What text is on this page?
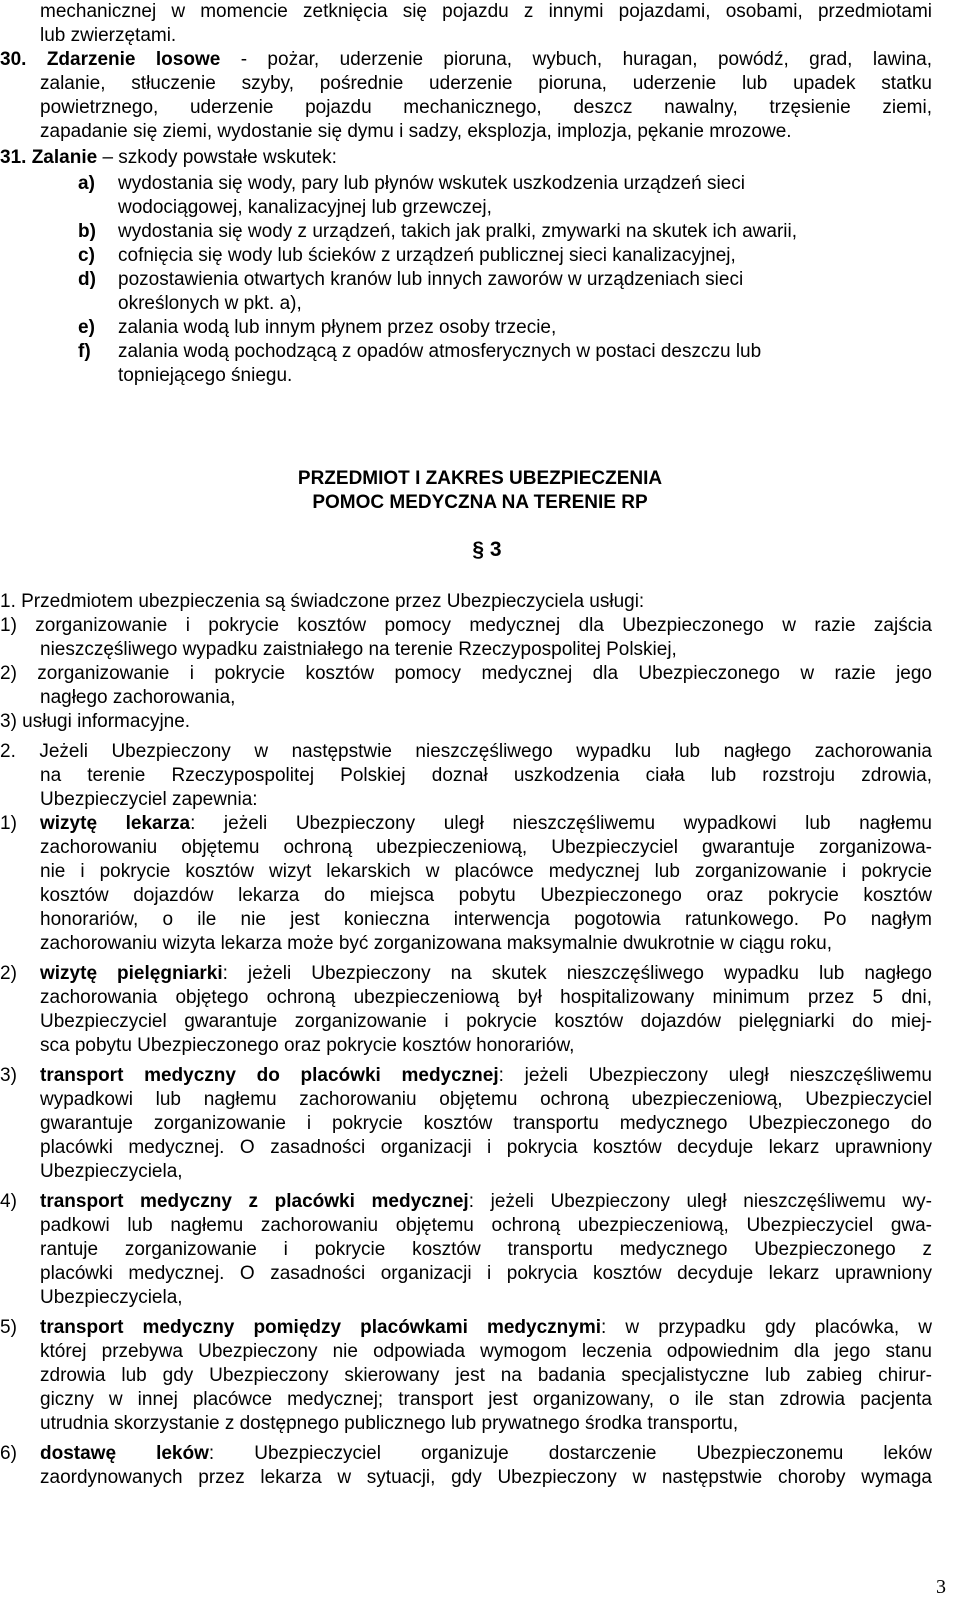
mechanicznej w momencie zetknięcia się pojazdu z innymi pojazdami, osobami, przedmiotami
lub zwierzętami.
30. Zdarzenie losowe - pożar, uderzenie pioruna, wybuch, huragan, powódź, grad, lawina,
zalanie, stłuczenie szyby, pośrednie uderzenie pioruna, uderzenie lub upadek statku
powietrznego, uderzenie pojazdu mechanicznego, deszcz nawalny, trzęsienie ziemi,
zapadanie się ziemi, wydostanie się dymu i sadzy, eksplozja, implozja, pękanie mrozowe.
31. Zalanie – szkody powstałe wskutek:
a) wydostania się wody, pary lub płynów wskutek uszkodzenia urządzeń sieci
wodociągowej, kanalizacyjnej lub grzewczej,
b) wydostania się wody z urządzeń, takich jak pralki, zmywarki na skutek ich awarii,
c) cofnięcia się wody lub ścieków z urządzeń publicznej sieci kanalizacyjnej,
d) pozostawienia otwartych kranów lub innych zaworów w urządzeniach sieci
określonych w pkt. a),
e) zalania wodą lub innym płynem przez osoby trzecie,
f) zalania wodą pochodzącą z opadów atmosferycznych w postaci deszczu lub
topniejącego śniegu.
PRZEDMIOT I ZAKRES UBEZPIECZENIA
POMOC MEDYCZNA NA TERENIE RP
§ 3
1. Przedmiotem ubezpieczenia są świadczone przez Ubezpieczyciela usługi:
1) zorganizowanie i pokrycie kosztów pomocy medycznej dla Ubezpieczonego w razie zajścia
nieszczęśliwego wypadku zaistniałego na terenie Rzeczypospolitej Polskiej,
2) zorganizowanie i pokrycie kosztów pomocy medycznej dla Ubezpieczonego w razie jego
nagłego zachorowania,
3) usługi informacyjne.
2. Jeżeli Ubezpieczony w następstwie nieszczęśliwego wypadku lub nagłego zachorowania
na terenie Rzeczypospolitej Polskiej doznał uszkodzenia ciała lub rozstroju zdrowia,
Ubezpieczyciel zapewnia:
1) wizytę lekarza: jeżeli Ubezpieczony uległ nieszczęśliwemu wypadkowi lub nagłemu
zachorowaniu objętemu ochroną ubezpieczeniową, Ubezpieczyciel gwarantuje zorganizowa-
nie i pokrycie kosztów wizyt lekarskich w placówce medycznej lub zorganizowanie i pokrycie
kosztów dojazdów lekarza do miejsca pobytu Ubezpieczonego oraz pokrycie kosztów
honorariów, o ile nie jest konieczna interwencja pogotowia ratunkowego. Po nagłym
zachorowaniu wizyta lekarza może być zorganizowana maksymalnie dwukrotnie w ciągu roku,
2) wizytę pielęgniarki: jeżeli Ubezpieczony na skutek nieszczęśliwego wypadku lub nagłego
zachorowania objętego ochroną ubezpieczeniową był hospitalizowany minimum przez 5 dni,
Ubezpieczyciel gwarantuje zorganizowanie i pokrycie kosztów dojazdów pielęgniarki do miej-
sca pobytu Ubezpieczonego oraz pokrycie kosztów honorariów,
3) transport medyczny do placówki medycznej: jeżeli Ubezpieczony uległ nieszczęśliwemu
wypadkowi lub nagłemu zachorowaniu objętemu ochroną ubezpieczeniową, Ubezpieczyciel
gwarantuje zorganizowanie i pokrycie kosztów transportu medycznego Ubezpieczonego do
placówki medycznej. O zasadności organizacji i pokrycia kosztów decyduje lekarz uprawniony
Ubezpieczyciela,
4) transport medyczny z placówki medycznej: jeżeli Ubezpieczony uległ nieszczęśliwemu wy-
padkowi lub nagłemu zachorowaniu objętemu ochroną ubezpieczeniową, Ubezpieczyciel gwa-
rantuje zorganizowanie i pokrycie kosztów transportu medycznego Ubezpieczonego z
placówki medycznej. O zasadności organizacji i pokrycia kosztów decyduje lekarz uprawniony
Ubezpieczyciela,
5) transport medyczny pomiędzy placówkami medycznymi: w przypadku gdy placówka, w
której przebywa Ubezpieczony nie odpowiada wymogom leczenia odpowiednim dla jego stanu
zdrowia lub gdy Ubezpieczony skierowany jest na badania specjalistyczne lub zabieg chirur-
giczny w innej placówce medycznej; transport jest organizowany, o ile stan zdrowia pacjenta
utrudnia skorzystanie z dostępnego publicznego lub prywatnego środka transportu,
6) dostawę leków: Ubezpieczyciel organizuje dostarczenie Ubezpieczonemu leków
zaordynowanych przez lekarza w sytuacji, gdy Ubezpieczony w następstwie choroby wymaga
3
